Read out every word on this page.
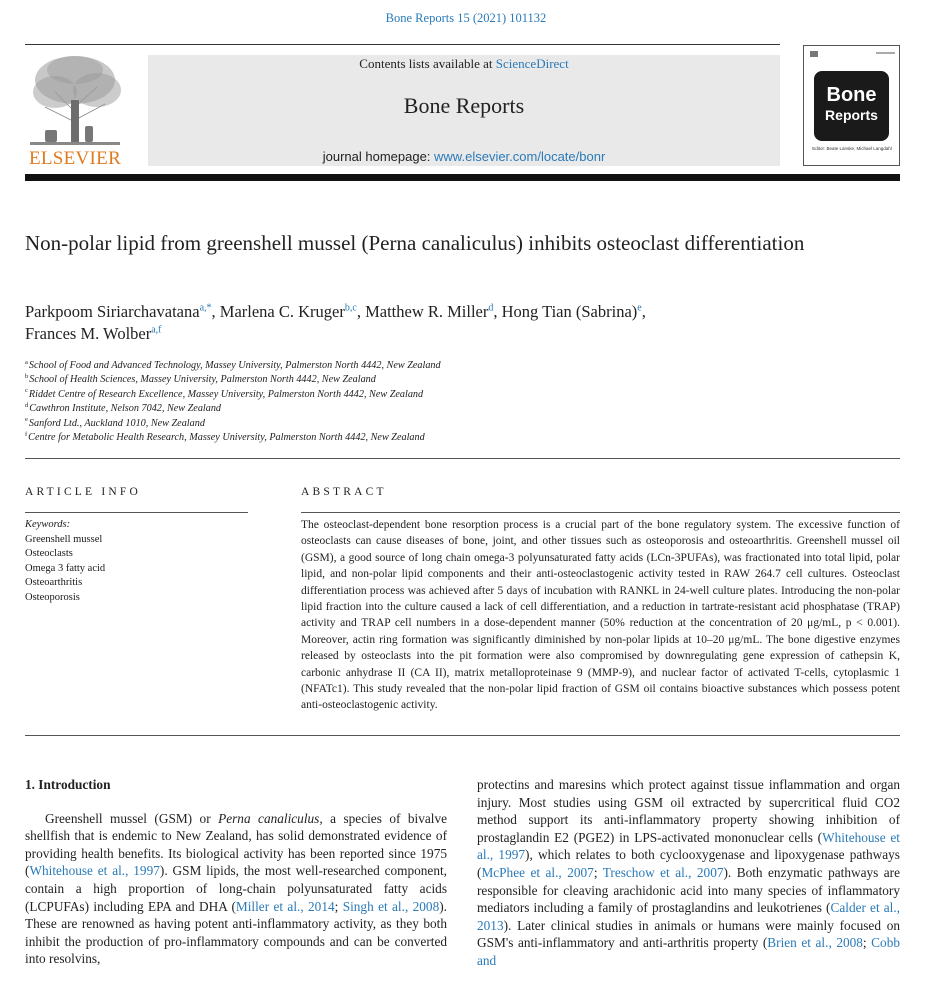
Bone Reports 15 (2021) 101132
ELSEVIER
Contents lists available at ScienceDirect
Bone Reports
journal homepage: www.elsevier.com/locate/bonr
Bone
Reports
Editor: Beate Lanske, Michael Langdahl
Non-polar lipid from greenshell mussel (Perna canaliculus) inhibits osteoclast differentiation
Parkpoom Siriarchavatana$^{a,*}$, Marlena C. Kruger$^{b,c}$, Matthew R. Miller$^d$, Hong Tian (Sabrina)$^e$,
Frances M. Wolber$^{a,f}$
$^a$School of Food and Advanced Technology, Massey University, Palmerston North 4442, New Zealand
$^b$School of Health Sciences, Massey University, Palmerston North 4442, New Zealand
$^c$Riddet Centre of Research Excellence, Massey University, Palmerston North 4442, New Zealand
$^d$Cawthron Institute, Nelson 7042, New Zealand
$^e$Sanford Ltd., Auckland 1010, New Zealand
$^f$Centre for Metabolic Health Research, Massey University, Palmerston North 4442, New Zealand
ARTICLE INFO
Keywords:
Greenshell mussel
Osteoclasts
Omega 3 fatty acid
Osteoarthritis
Osteoporosis
ABSTRACT

The osteoclast-dependent bone resorption process is a crucial part of the bone regulatory system. The excessive function of osteoclasts can cause diseases of bone, joint, and other tissues such as osteoporosis and osteoarthritis. Greenshell mussel oil (GSM), a good source of long chain omega-3 polyunsaturated fatty acids (LCn-3PUFAs), was fractionated into total lipid, polar lipid, and non-polar lipid components and their anti-osteoclastogenic activity tested in RAW 264.7 cell cultures. Osteoclast differentiation process was achieved after 5 days of incubation with RANKL in 24-well culture plates. Introducing the non-polar lipid fraction into the culture caused a lack of cell differentiation, and a reduction in tartrate-resistant acid phosphatase (TRAP) activity and TRAP cell numbers in a dose-dependent manner (50% reduction at the concentration of 20 μg/mL, p < 0.001). Moreover, actin ring formation was significantly diminished by non-polar lipids at 10–20 μg/mL. The bone digestive enzymes released by osteoclasts into the pit formation were also compromised by downregulating gene expression of cathepsin K, carbonic anhydrase II (CA II), matrix metalloproteinase 9 (MMP-9), and nuclear factor of activated T-cells, cytoplasmic 1 (NFATc1). This study revealed that the non-polar lipid fraction of GSM oil contains bioactive substances which possess potent anti-osteoclastogenic activity.

1. Introduction

Greenshell mussel (GSM) or Perna canaliculus, a species of bivalve shellfish that is endemic to New Zealand, has solid demonstrated evidence of providing health benefits. Its biological activity has been reported since 1975 (Whitehouse et al., 1997). GSM lipids, the most well-researched component, contain a high proportion of long-chain polyunsaturated fatty acids (LCPUFAs) including EPA and DHA (Miller et al., 2014; Singh et al., 2008). These are renowned as having potent anti-inflammatory activity, as they both inhibit the production of pro-inflammatory compounds and can be converted into resolvins,

protectins and maresins which protect against tissue inflammation and organ injury. Most studies using GSM oil extracted by supercritical fluid CO2 method support its anti-inflammatory property showing inhibition of prostaglandin E2 (PGE2) in LPS-activated mononuclear cells (Whitehouse et al., 1997), which relates to both cyclooxygenase and lipoxygenase pathways (McPhee et al., 2007; Treschow et al., 2007). Both enzymatic pathways are responsible for cleaving arachidonic acid into many species of inflammatory mediators including a family of prostaglandins and leukotrienes (Calder et al., 2013). Later clinical studies in animals or humans were mainly focused on GSM's anti-inflammatory and anti-arthritis property (Brien et al., 2008; Cobb and
